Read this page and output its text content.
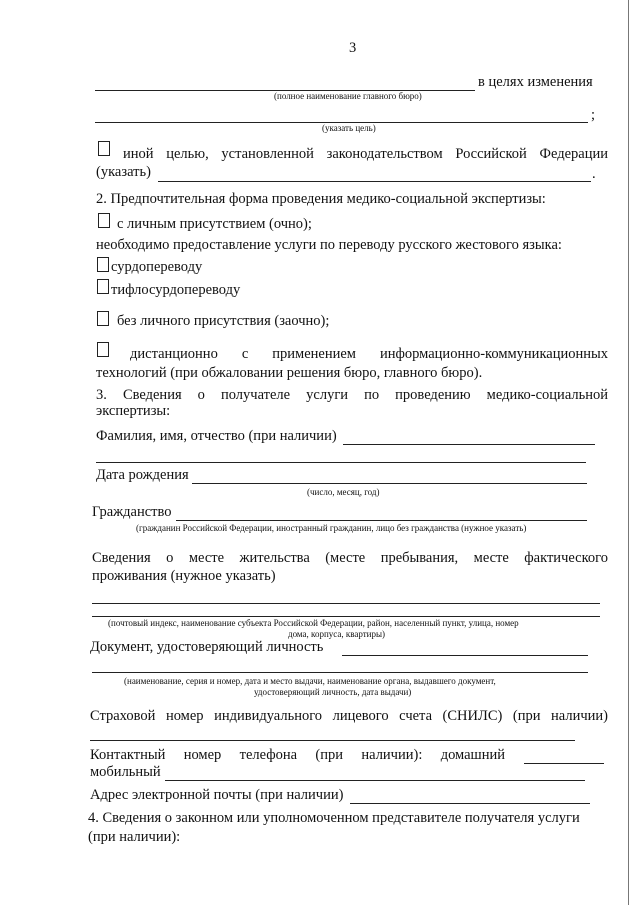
3
в целях изменения
(полное наименование главного бюро)
;
(указать цель)
иной целью, установленной законодательством Российской Федерации
(указать)	.
2. Предпочтительная форма проведения медико-социальной экспертизы:
с личным присутствием (очно);
необходимо предоставление услуги по переводу русского жестового языка:
сурдопереводу
тифлосурдопереводу
без личного присутствия (заочно);
дистанционно с применением информационно-коммуникационных
технологий (при обжаловании решения бюро, главного бюро).
3. Сведения о получателе услуги по проведению медико-социальной
экспертизы:
Фамилия, имя, отчество (при наличии)
Дата рождения
(число, месяц, год)
Гражданство
(гражданин Российской Федерации, иностранный гражданин, лицо без гражданства (нужное указать)
Сведения о месте жительства (месте пребывания, месте фактического
проживания (нужное указать)
(почтовый индекс, наименование субъекта Российской Федерации, район, населенный пункт, улица, номер
дома, корпуса, квартиры)
Документ, удостоверяющий личность
(наименование, серия и номер, дата и место выдачи, наименование органа, выдавшего документ,
удостоверяющий личность, дата выдачи)
Страховой номер индивидуального лицевого счета (СНИЛС) (при наличии)
Контактный номер телефона (при наличии): домашний
мобильный
Адрес электронной почты (при наличии)
4. Сведения о законном или уполномоченном представителе получателя услуги
(при наличии):
